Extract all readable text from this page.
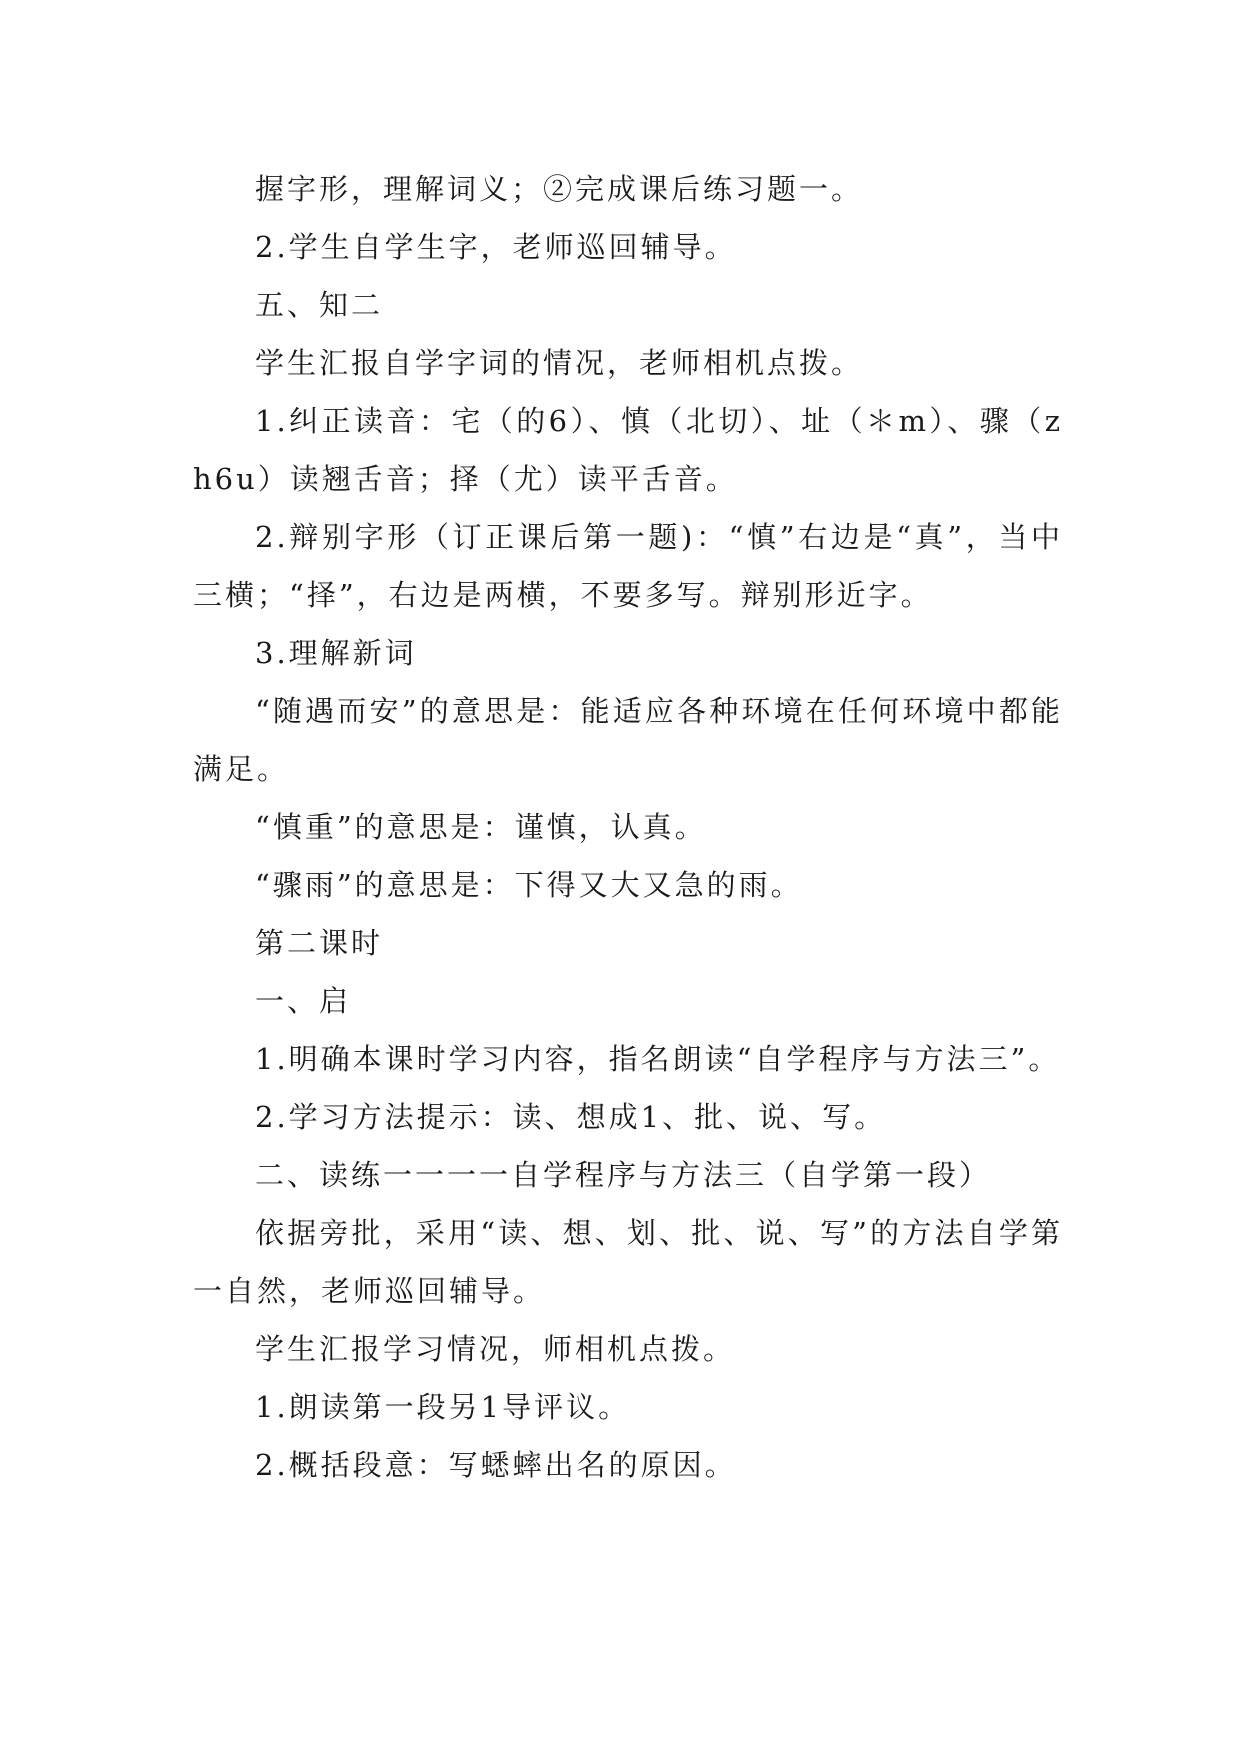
握字形，理解词义；②完成课后练习题一。

2.学生自学生字，老师巡回辅导。

五、知二

学生汇报自学字词的情况，老师相机点拨。

1.纠正读音：宅（的6）、慎（北切）、址（＊m）、骤（zh6u）读翘舌音；择（尤）读平舌音。

2.辩别字形（订正课后第一题)：“慎”右边是“真”，当中三横；“择”，右边是两横，不要多写。辩别形近字。

3.理解新词

“随遇而安”的意思是：能适应各种环境在任何环境中都能满足。

“慎重”的意思是：谨慎，认真。

“骤雨”的意思是：下得又大又急的雨。

第二课时

一、启

1.明确本课时学习内容，指名朗读“自学程序与方法三”。

2.学习方法提示：读、想成1、批、说、写。

二、读练一一一一自学程序与方法三（自学第一段）

依据旁批，采用“读、想、划、批、说、写”的方法自学第一自然，老师巡回辅导。

学生汇报学习情况，师相机点拨。

1.朗读第一段另1导评议。

2.概括段意：写蟋蟀出名的原因。
